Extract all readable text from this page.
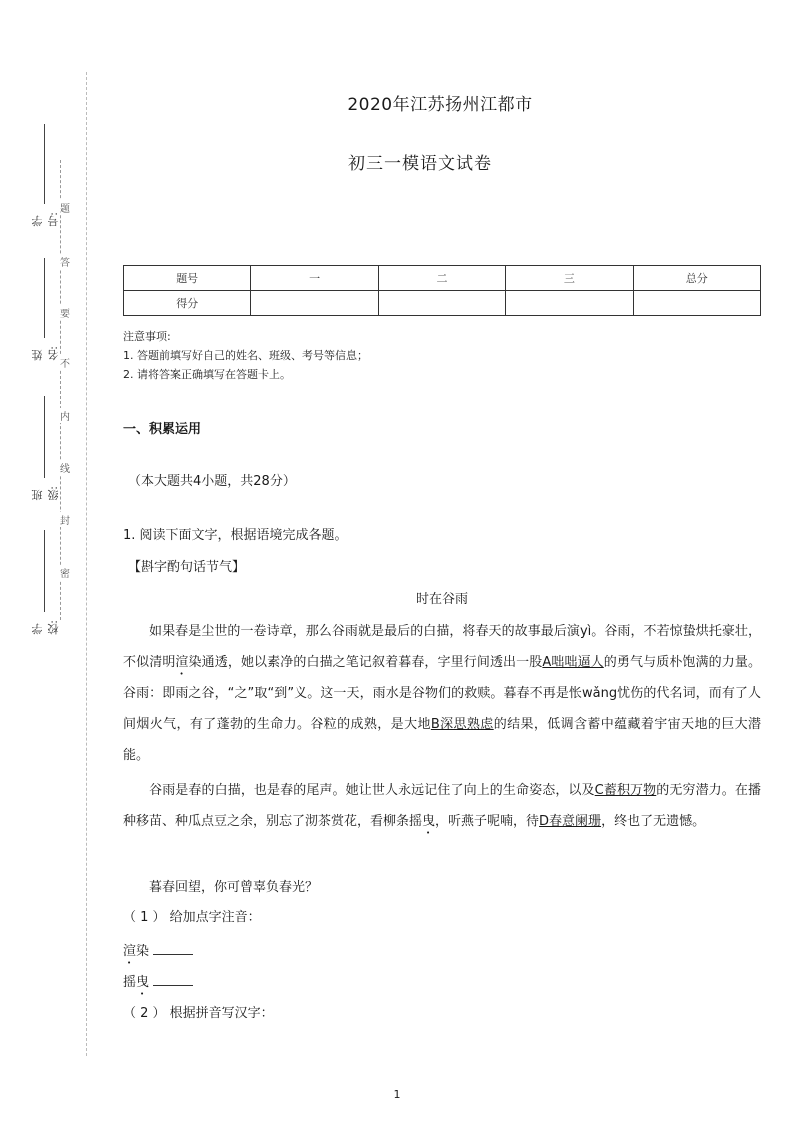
题
答
要
不
内
线
封
密
学号:
姓名:
班级:
学校:
2020年江苏扬州江都市
初三一模语文试卷
题号	一	二	三	总分
得分				
注意事项:
1. 答题前填写好自己的姓名、班级、考号等信息；
2. 请将答案正确填写在答题卡上。
一、积累运用
（本大题共4小题，共28分）
1. 阅读下面文字，根据语境完成各题。
【斟字酌句话节气】
时在谷雨
如果春是尘世的一卷诗章，那么谷雨就是最后的白描，将春天的故事最后演yì。谷雨，不若惊蛰烘托豪壮，不似清明渲染通透，她以素净的白描之笔记叙着暮春，字里行间透出一股A咄咄逼人的勇气与质朴饱满的力量。谷雨：即雨之谷，“之”取“到”义。这一天，雨水是谷物们的救赎。暮春不再是怅wǎng忧伤的代名词，而有了人间烟火气，有了蓬勃的生命力。谷粒的成熟，是大地B深思熟虑的结果，低调含蓄中蕴藏着宇宙天地的巨大潜能。
谷雨是春的白描，也是春的尾声。她让世人永远记住了向上的生命姿态，以及C蓄积万物的无穷潜力。在播种移苗、种瓜点豆之余，别忘了沏茶赏花，看柳条摇曳，听燕子呢喃，待D春意阑珊，终也了无遗憾。
暮春回望，你可曾辜负春光？
（ 1 ） 给加点字注音：
渲染
摇曳
（ 2 ） 根据拼音写汉字：
1
